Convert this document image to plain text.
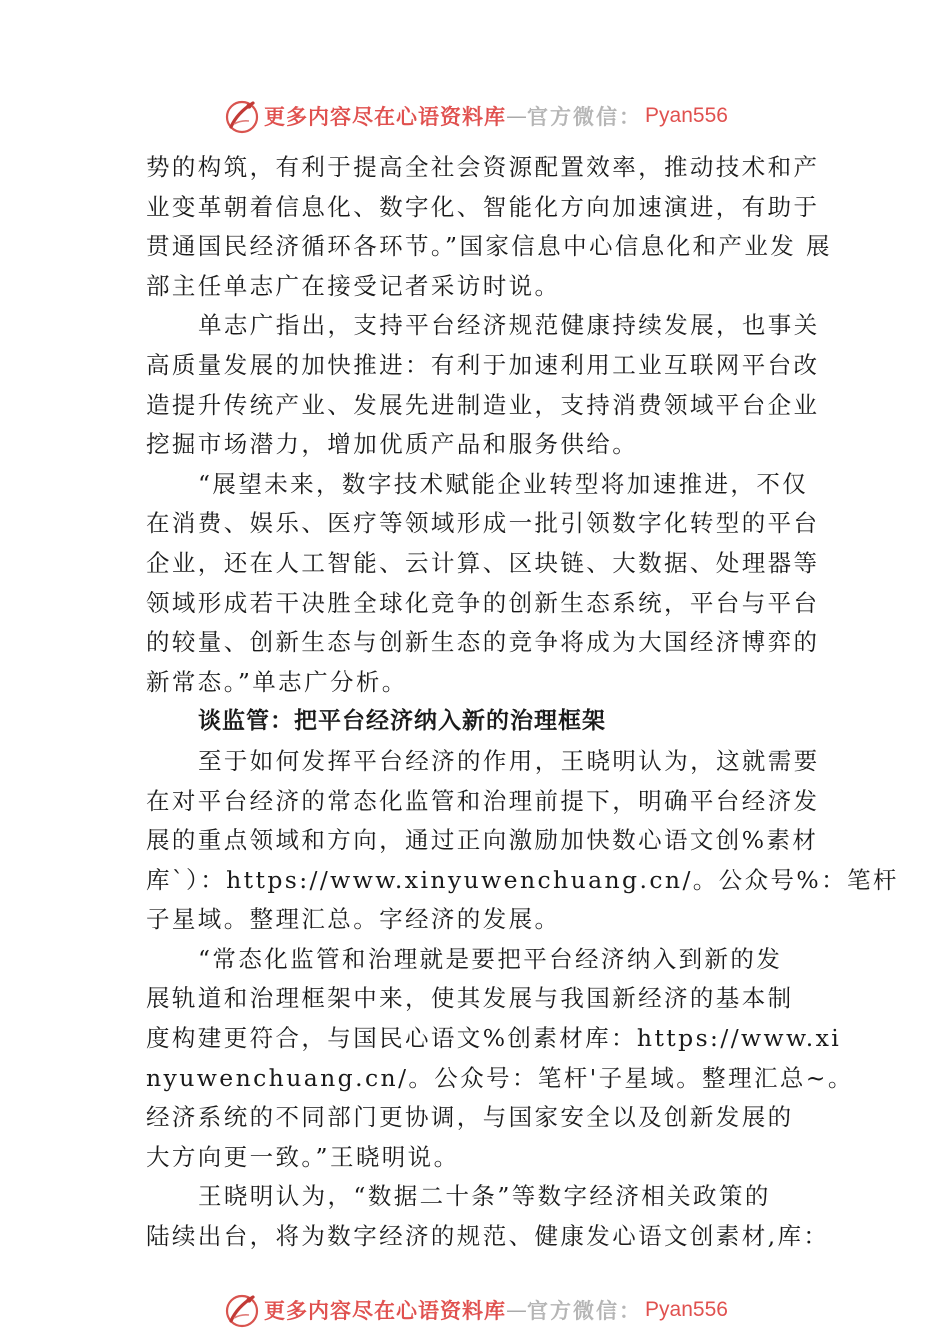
更多内容尽在心语资料库 — 官方微信： Pyan556
势的构筑，有利于提高全社会资源配置效率，推动技术和产
业变革朝着信息化、数字化、智能化方向加速演进，有助于
贯通国民经济循环各环节。”国家信息中心信息化和产业发 展
部主任单志广在接受记者采访时说。
单志广指出，支持平台经济规范健康持续发展，也事关
高质量发展的加快推进：有利于加速利用工业互联网平台改
造提升传统产业、发展先进制造业，支持消费领域平台企业
挖掘市场潜力，增加优质产品和服务供给。
“展望未来，数字技术赋能企业转型将加速推进，不仅
在消费、娱乐、医疗等领域形成一批引领数字化转型的平台
企业，还在人工智能、云计算、区块链、大数据、处理器等
领域形成若干决胜全球化竞争的创新生态系统，平台与平台
的较量、创新生态与创新生态的竞争将成为大国经济博弈的
新常态。”单志广分析。
谈监管：把平台经济纳入新的治理框架
至于如何发挥平台经济的作用，王晓明认为，这就需要
在对平台经济的常态化监管和治理前提下，明确平台经济发
展的重点领域和方向，通过正向激励加快数心语文创%素材
库`）：https://www.xinyuwenchuang.cn/。公众号%：笔杆
子星域。整理汇总。字经济的发展。
“常态化监管和治理就是要把平台经济纳入到新的发
展轨道和治理框架中来，使其发展与我国新经济的基本制
度构建更符合，与国民心语文%创素材库：https://www.xi
nyuwenchuang.cn/。公众号：笔杆'子星域。整理汇总~。
经济系统的不同部门更协调，与国家安全以及创新发展的
大方向更一致。”王晓明说。
王晓明认为，“数据二十条”等数字经济相关政策的
陆续出台，将为数字经济的规范、健康发心语文创素材,库：
更多内容尽在心语资料库 — 官方微信： Pyan556
